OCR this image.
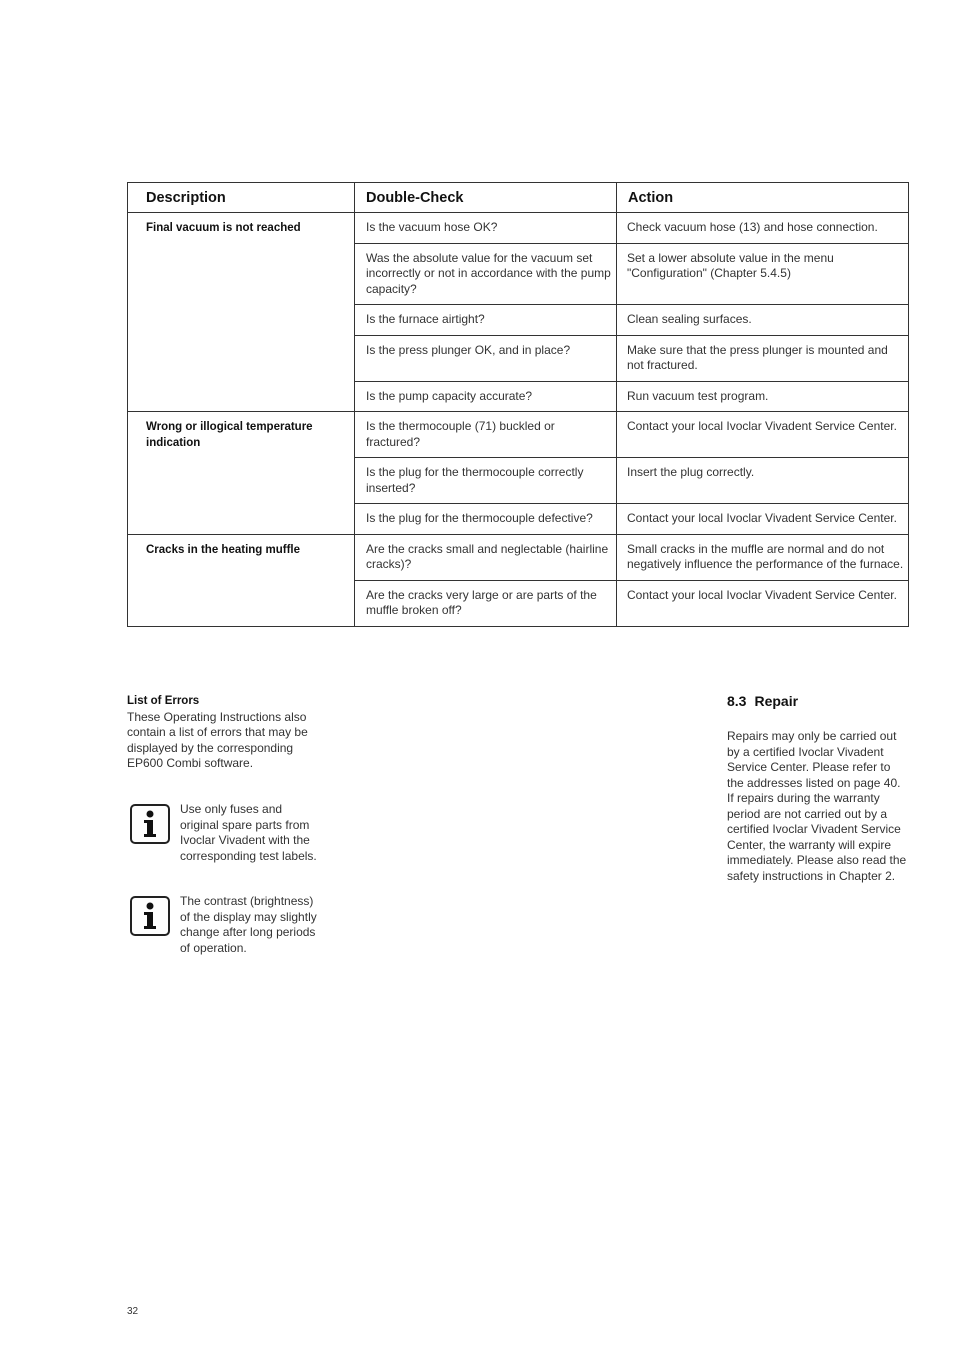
Description	Double-Check	Action
Final vacuum is not reached	Is the vacuum hose OK?	Check vacuum hose (13) and hose connection.
	Was the absolute value for the vacuum set incorrectly or not in accordance with the pump capacity?	Set a lower absolute value in the menu "Configuration" (Chapter 5.4.5)
	Is the furnace airtight?	Clean sealing surfaces.
	Is the press plunger OK, and in place?	Make sure that the press plunger is mounted and not fractured.
	Is the pump capacity accurate?	Run vacuum test program.
Wrong or illogical temperature indication	Is the thermocouple (71) buckled or fractured?	Contact your local Ivoclar Vivadent Service Center.
	Is the plug for the thermocouple correctly inserted?	Insert the plug correctly.
	Is the plug for the thermocouple defective?	Contact your local Ivoclar Vivadent Service Center.
Cracks in the heating muffle	Are the cracks small and neglectable (hairline cracks)?	Small cracks in the muffle are normal and do not negatively influence the performance of the furnace.
	Are the cracks very large or are parts of the muffle broken off?	Contact your local Ivoclar Vivadent Service Center.
List of Errors
These Operating Instructions also contain a list of errors that may be displayed by the corresponding EP600 Combi software.
Use only fuses and original spare parts from Ivoclar Vivadent with the corresponding test labels.
The contrast (brightness) of the display may slightly change after long periods of operation.
8.3 Repair
Repairs may only be carried out by a certified Ivoclar Vivadent Service Center. Please refer to the addresses listed on page 40. If repairs during the warranty period are not carried out by a certified Ivoclar Vivadent Service Center, the warranty will expire immediately. Please also read the safety instructions in Chapter 2.
32
